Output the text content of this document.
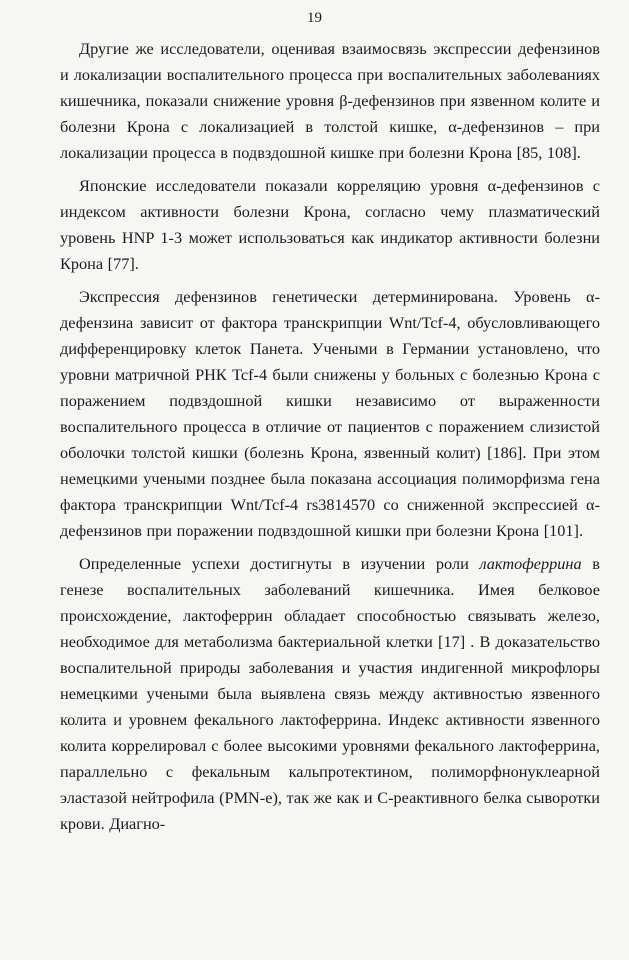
19

Другие же исследователи, оценивая взаимосвязь экспрессии дефензинов и локализации воспалительного процесса при воспалительных заболеваниях кишечника, показали снижение уровня β-дефензинов при язвенном колите и болезни Крона с локализацией в толстой кишке, α-дефензинов – при локализации процесса в подвздошной кишке при болезни Крона [85, 108].

Японские исследователи показали корреляцию уровня α-дефензинов с индексом активности болезни Крона, согласно чему плазматический уровень HNP 1-3 может использоваться как индикатор активности болезни Крона [77].

Экспрессия дефензинов генетически детерминирована. Уровень α-дефензина зависит от фактора транскрипции Wnt/Tcf-4, обусловливающего дифференцировку клеток Панета. Учеными в Германии установлено, что уровни матричной РНК Tcf-4 были снижены у больных с болезнью Крона с поражением подвздошной кишки независимо от выраженности воспалительного процесса в отличие от пациентов с поражением слизистой оболочки толстой кишки (болезнь Крона, язвенный колит) [186]. При этом немецкими учеными позднее была показана ассоциация полиморфизма гена фактора транскрипции Wnt/Tcf-4 rs3814570 со сниженной экспрессией α-дефензинов при поражении подвздошной кишки при болезни Крона [101].

Определенные успехи достигнуты в изучении роли лактоферрина в генезе воспалительных заболеваний кишечника. Имея белковое происхождение, лактоферрин обладает способностью связывать железо, необходимое для метаболизма бактериальной клетки [17] . В доказательство воспалительной природы заболевания и участия индигенной микрофлоры немецкими учеными была выявлена связь между активностью язвенного колита и уровнем фекального лактоферрина. Индекс активности язвенного колита коррелировал с более высокими уровнями фекального лактоферрина, параллельно с фекальным кальпротектином, полиморфнонуклеарной эластазой нейтрофила (PMN-e), так же как и С-реактивного белка сыворотки крови. Диагно-
